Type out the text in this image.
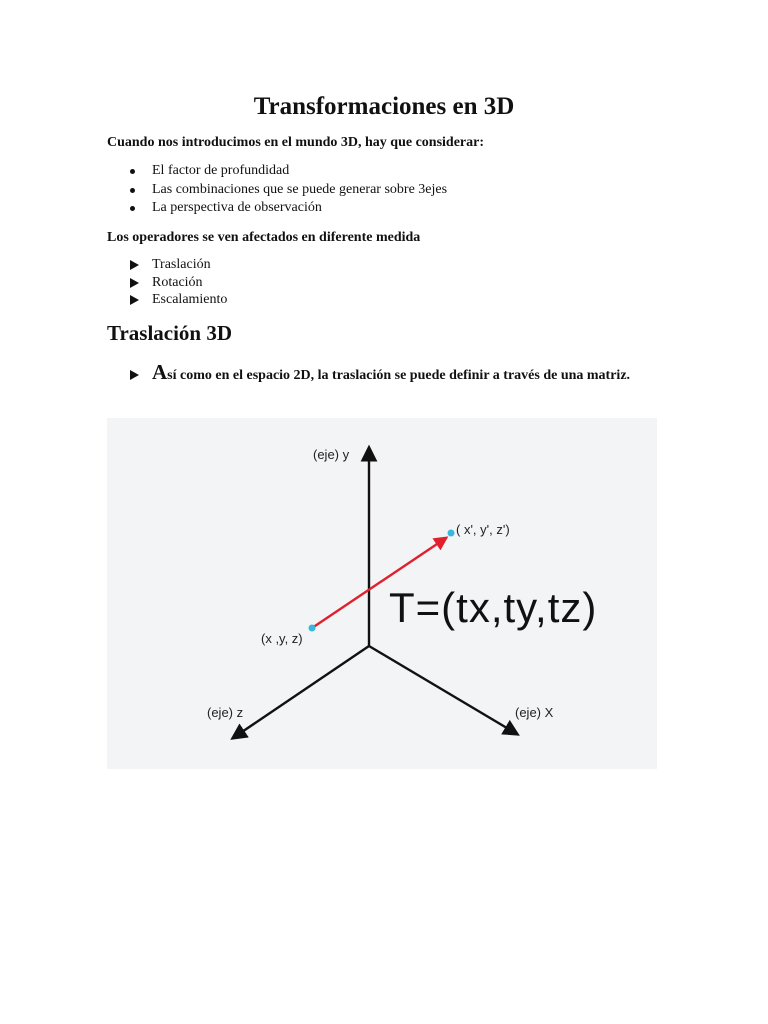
Transformaciones en 3D

Cuando nos introducimos en el mundo 3D, hay que considerar:

El factor de profundidad
Las combinaciones que se puede generar sobre 3ejes
La perspectiva de observación

Los operadores se ven afectados en diferente medida

Traslación
Rotación
Escalamiento
Traslación 3D
Así como en el espacio 2D, la traslación se puede definir a través de una matriz.
(eje) y
(eje) z	(eje) X
(x ,y, z)
( x', y', z')
T=(tx,ty,tz)
